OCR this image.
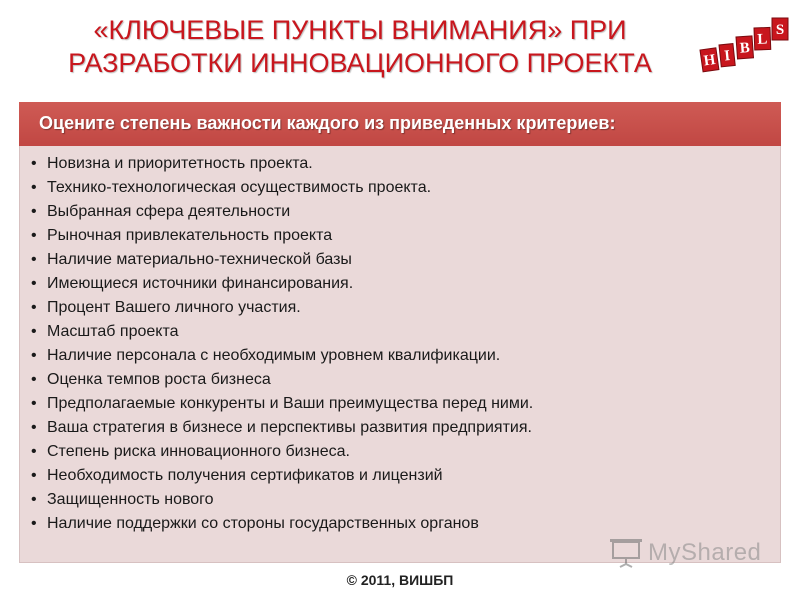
«КЛЮЧЕВЫЕ ПУНКТЫ ВНИМАНИЯ» ПРИ
РАЗРАБОТКИ ИННОВАЦИОННОГО ПРОЕКТА	H I B
L
S
Оцените степень важности каждого из приведенных критериев:
• Новизна и приоритетность проекта.
• Технико-технологическая осуществимость проекта.
• Выбранная сфера деятельности
• Рыночная привлекательность проекта
• Наличие материально-технической базы
• Имеющиеся источники финансирования.
• Процент Вашего личного участия.
• Масштаб проекта
• Наличие персонала с необходимым уровнем квалификации.
• Оценка темпов роста бизнеса
• Предполагаемые конкуренты и Ваши преимущества перед ними.
• Ваша стратегия в бизнесе и перспективы развития предприятия.
• Степень риска инновационного бизнеса.
• Необходимость получения сертификатов и лицензий
• Защищенность нового
• Наличие поддержки со стороны государственных органов
MyShared
© 2011, ВИШБП
